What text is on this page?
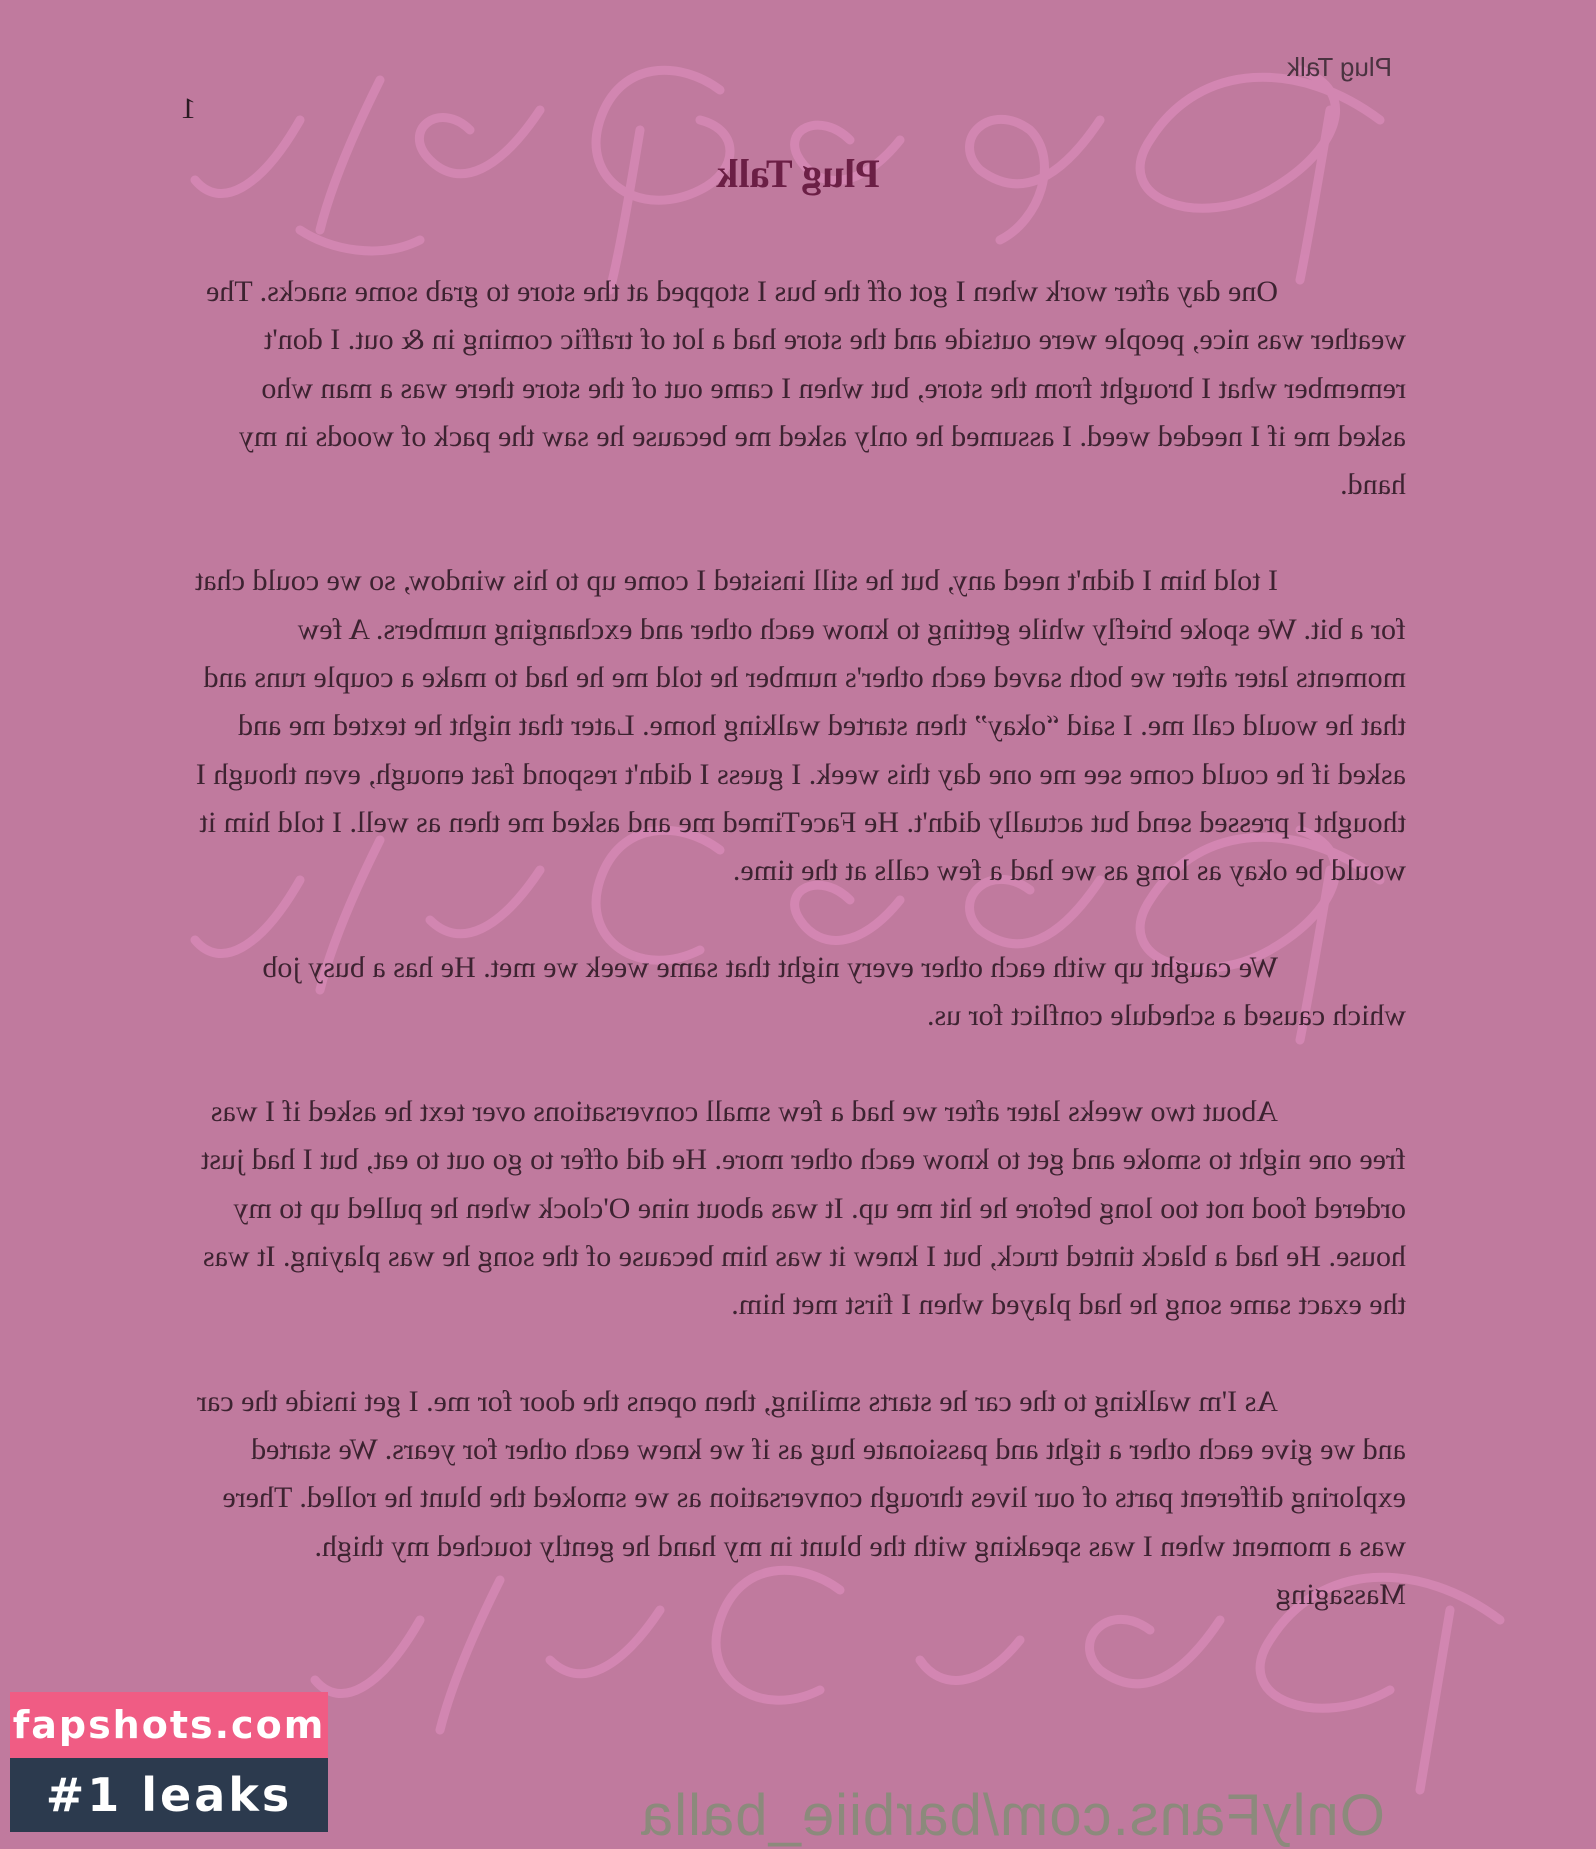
Plug Talk
1
Plug Talk

One day after work when I got off the bus I stopped at the store to grab some snacks. The weather was nice, people were outside and the store had a lot of traffic coming in & out. I don't remember what I brought from the store, but when I came out of the store there was a man who asked me if I needed weed. I assumed he only asked me because he saw the pack of woods in my hand.

I told him I didn't need any, but he still insisted I come up to his window, so we could chat for a bit. We spoke briefly while getting to know each other and exchanging numbers. A few moments later after we both saved each other's number he told me he had to make a couple runs and that he would call me. I said “okay” then started walking home. Later that night he texted me and asked if he could come see me one day this week. I guess I didn't respond fast enough, even though I thought I pressed send but actually didn't. He FaceTimed me and asked me then as well. I told him it would be okay as long as we had a few calls at the time.

We caught up with each other every night that same week we met. He has a busy job which caused a schedule conflict for us.

About two weeks later after we had a few small conversations over text he asked if I was free one night to smoke and get to know each other more. He did offer to go out to eat, but I had just ordered food not too long before he hit me up. It was about nine O'clock when he pulled up to my house. He had a black tinted truck, but I knew it was him because of the song he was playing. It was the exact same song he had played when I first met him.

As I'm walking to the car he starts smiling, then opens the door for me. I get inside the car and we give each other a tight and passionate hug as if we knew each other for years. We started exploring different parts of our lives through conversation as we smoked the blunt he rolled. There was a moment when I was speaking with the blunt in my hand he gently touched my thigh. Massaging

OnlyFans.com/barbiie_balla
fapshots.com
#1 leaks
